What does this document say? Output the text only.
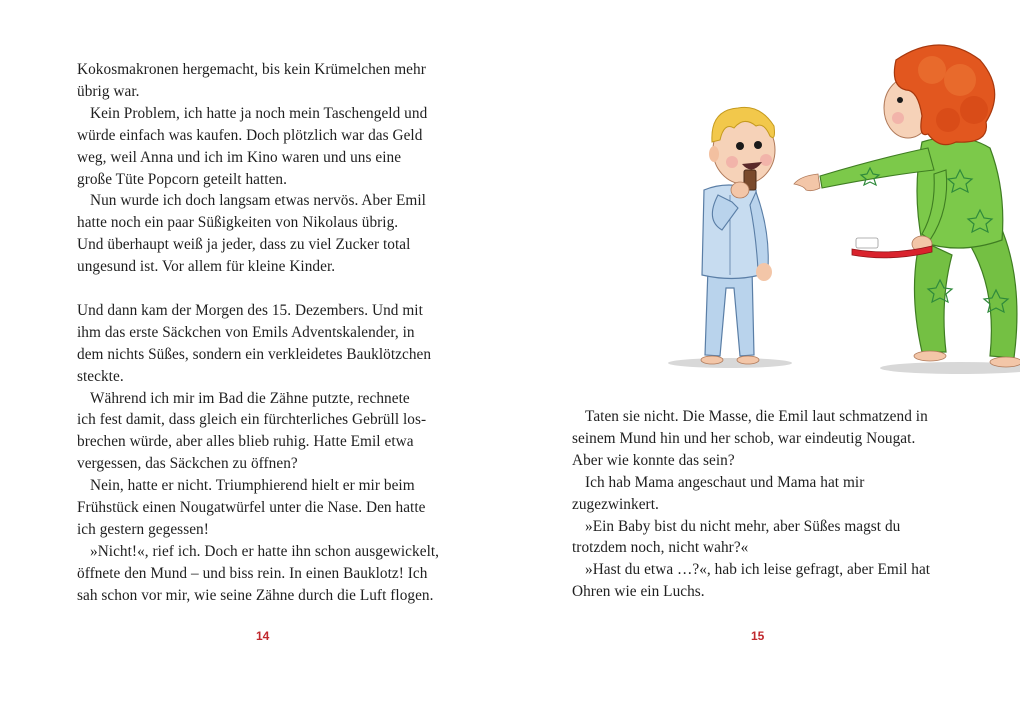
Kokosmakronen hergemacht, bis kein Krümelchen mehr

übrig war.

Kein Problem, ich hatte ja noch mein Taschengeld und

würde einfach was kaufen. Doch plötzlich war das Geld

weg, weil Anna und ich im Kino waren und uns eine

große Tüte Popcorn geteilt hatten.

Nun wurde ich doch langsam etwas nervös. Aber Emil

hatte noch ein paar Süßigkeiten von Nikolaus übrig.

Und überhaupt weiß ja jeder, dass zu viel Zucker total

ungesund ist. Vor allem für kleine Kinder.

Und dann kam der Morgen des 15. Dezembers. Und mit

ihm das erste Säckchen von Emils Adventskalender, in

dem nichts Süßes, sondern ein verkleidetes Bauklötzchen

steckte.

Während ich mir im Bad die Zähne putzte, rechnete

ich fest damit, dass gleich ein fürchterliches Gebrüll los-

brechen würde, aber alles blieb ruhig. Hatte Emil etwa

vergessen, das Säckchen zu öffnen?

Nein, hatte er nicht. Triumphierend hielt er mir beim

Frühstück einen Nougatwürfel unter die Nase. Den hatte

ich gestern gegessen!

»Nicht!«, rief ich. Doch er hatte ihn schon ausgewickelt,

öffnete den Mund – und biss rein. In einen Bauklotz! Ich

sah schon vor mir, wie seine Zähne durch die Luft flogen.

14

Taten sie nicht. Die Masse, die Emil laut schmatzend in

seinem Mund hin und her schob, war eindeutig Nougat.

Aber wie konnte das sein?

Ich hab Mama angeschaut und Mama hat mir

zugezwinkert.

»Ein Baby bist du nicht mehr, aber Süßes magst du

trotzdem noch, nicht wahr?«

»Hast du etwa …?«, hab ich leise gefragt, aber Emil hat

Ohren wie ein Luchs.

15
